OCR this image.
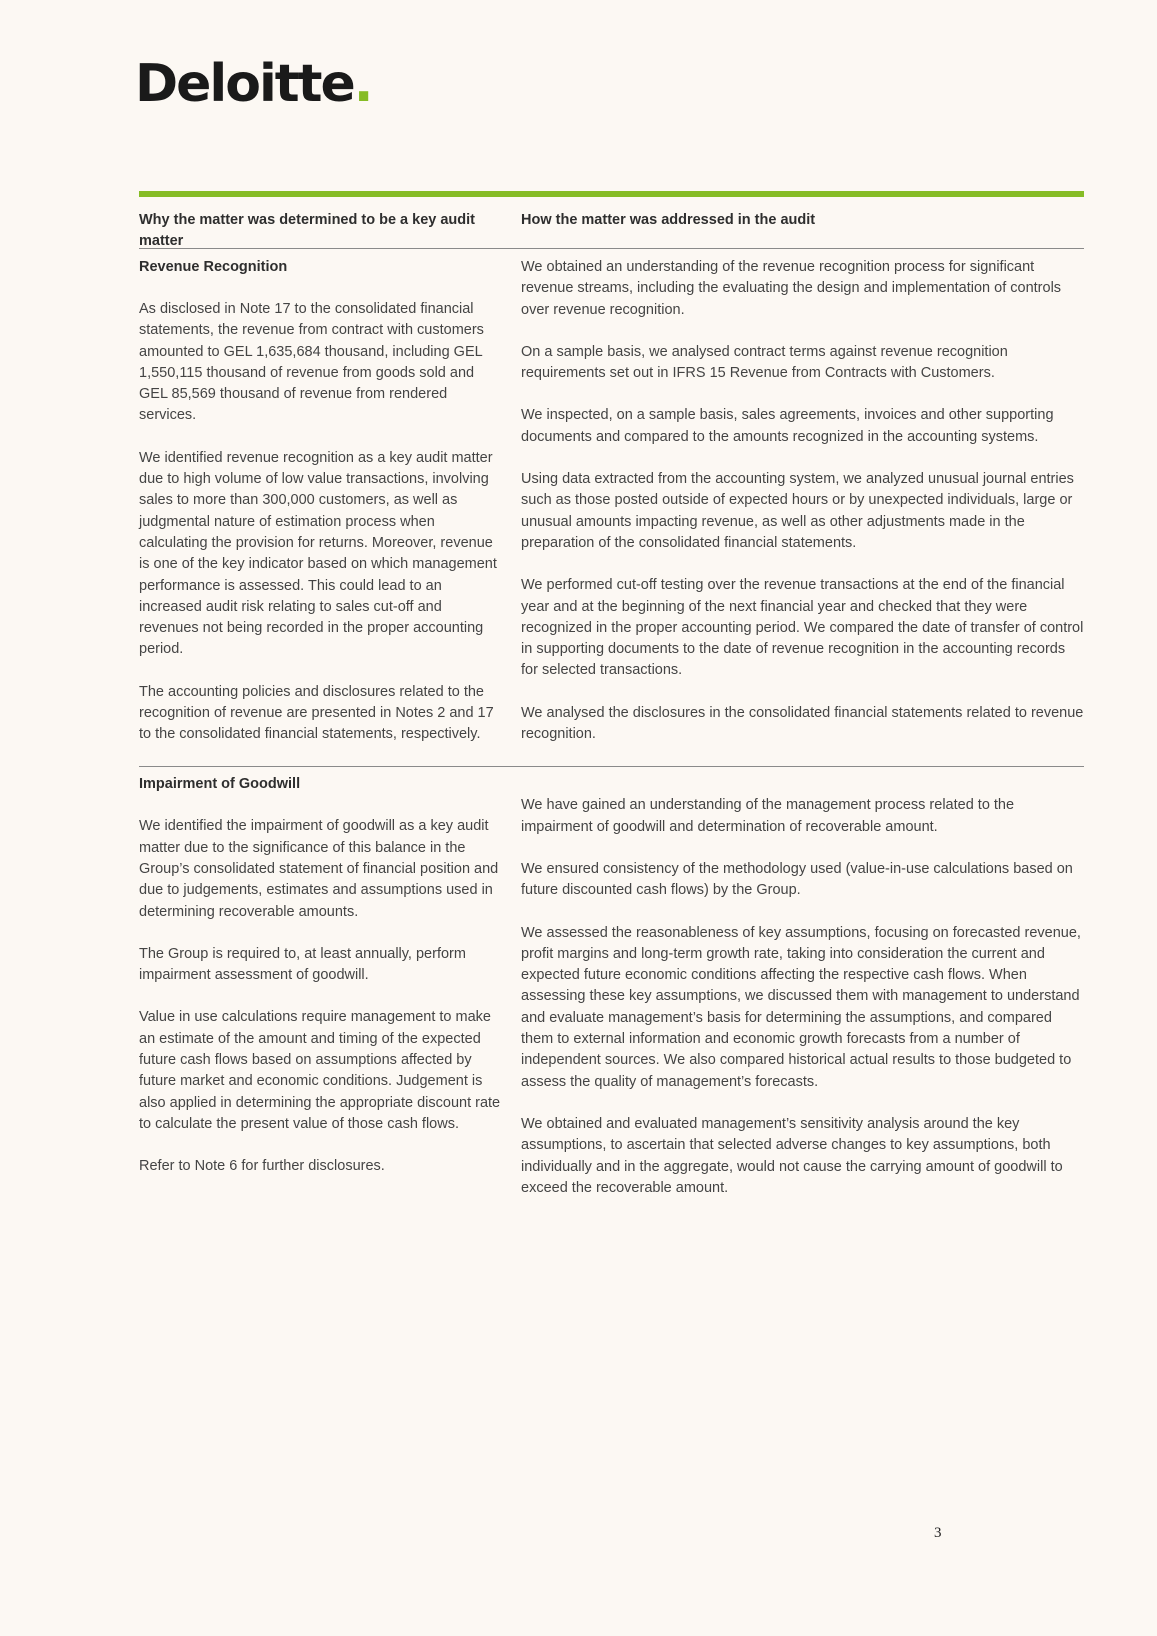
Deloitte.
Why the matter was determined to be a key audit matter
How the matter was addressed in the audit
Revenue Recognition

As disclosed in Note 17 to the consolidated financial statements, the revenue from contract with customers amounted to GEL 1,635,684 thousand, including GEL 1,550,115 thousand of revenue from goods sold and GEL 85,569 thousand of revenue from rendered services.

We identified revenue recognition as a key audit matter due to high volume of low value transactions, involving sales to more than 300,000 customers, as well as judgmental nature of estimation process when calculating the provision for returns. Moreover, revenue is one of the key indicator based on which management performance is assessed. This could lead to an increased audit risk relating to sales cut-off and revenues not being recorded in the proper accounting period.

The accounting policies and disclosures related to the recognition of revenue are presented in Notes 2 and 17 to the consolidated financial statements, respectively.

We obtained an understanding of the revenue recognition process for significant revenue streams, including the evaluating the design and implementation of controls over revenue recognition.

On a sample basis, we analysed contract terms against revenue recognition requirements set out in IFRS 15 Revenue from Contracts with Customers.

We inspected, on a sample basis, sales agreements, invoices and other supporting documents and compared to the amounts recognized in the accounting systems.

Using data extracted from the accounting system, we analyzed unusual journal entries such as those posted outside of expected hours or by unexpected individuals, large or unusual amounts impacting revenue, as well as other adjustments made in the preparation of the consolidated financial statements.

We performed cut-off testing over the revenue transactions at the end of the financial year and at the beginning of the next financial year and checked that they were recognized in the proper accounting period. We compared the date of transfer of control in supporting documents to the date of revenue recognition in the accounting records for selected transactions.

We analysed the disclosures in the consolidated financial statements related to revenue recognition.

Impairment of Goodwill

We identified the impairment of goodwill as a key audit matter due to the significance of this balance in the Group’s consolidated statement of financial position and due to judgements, estimates and assumptions used in determining recoverable amounts.

The Group is required to, at least annually, perform impairment assessment of goodwill.

Value in use calculations require management to make an estimate of the amount and timing of the expected future cash flows based on assumptions affected by future market and economic conditions. Judgement is also applied in determining the appropriate discount rate to calculate the present value of those cash flows.

Refer to Note 6 for further disclosures.

We have gained an understanding of the management process related to the impairment of goodwill and determination of recoverable amount.

We ensured consistency of the methodology used (value-in-use calculations based on future discounted cash flows) by the Group.

We assessed the reasonableness of key assumptions, focusing on forecasted revenue, profit margins and long-term growth rate, taking into consideration the current and expected future economic conditions affecting the respective cash flows. When assessing these key assumptions, we discussed them with management to understand and evaluate management’s basis for determining the assumptions, and compared them to external information and economic growth forecasts from a number of independent sources. We also compared historical actual results to those budgeted to assess the quality of management’s forecasts.

We obtained and evaluated management’s sensitivity analysis around the key assumptions, to ascertain that selected adverse changes to key assumptions, both individually and in the aggregate, would not cause the carrying amount of goodwill to exceed the recoverable amount.

3
